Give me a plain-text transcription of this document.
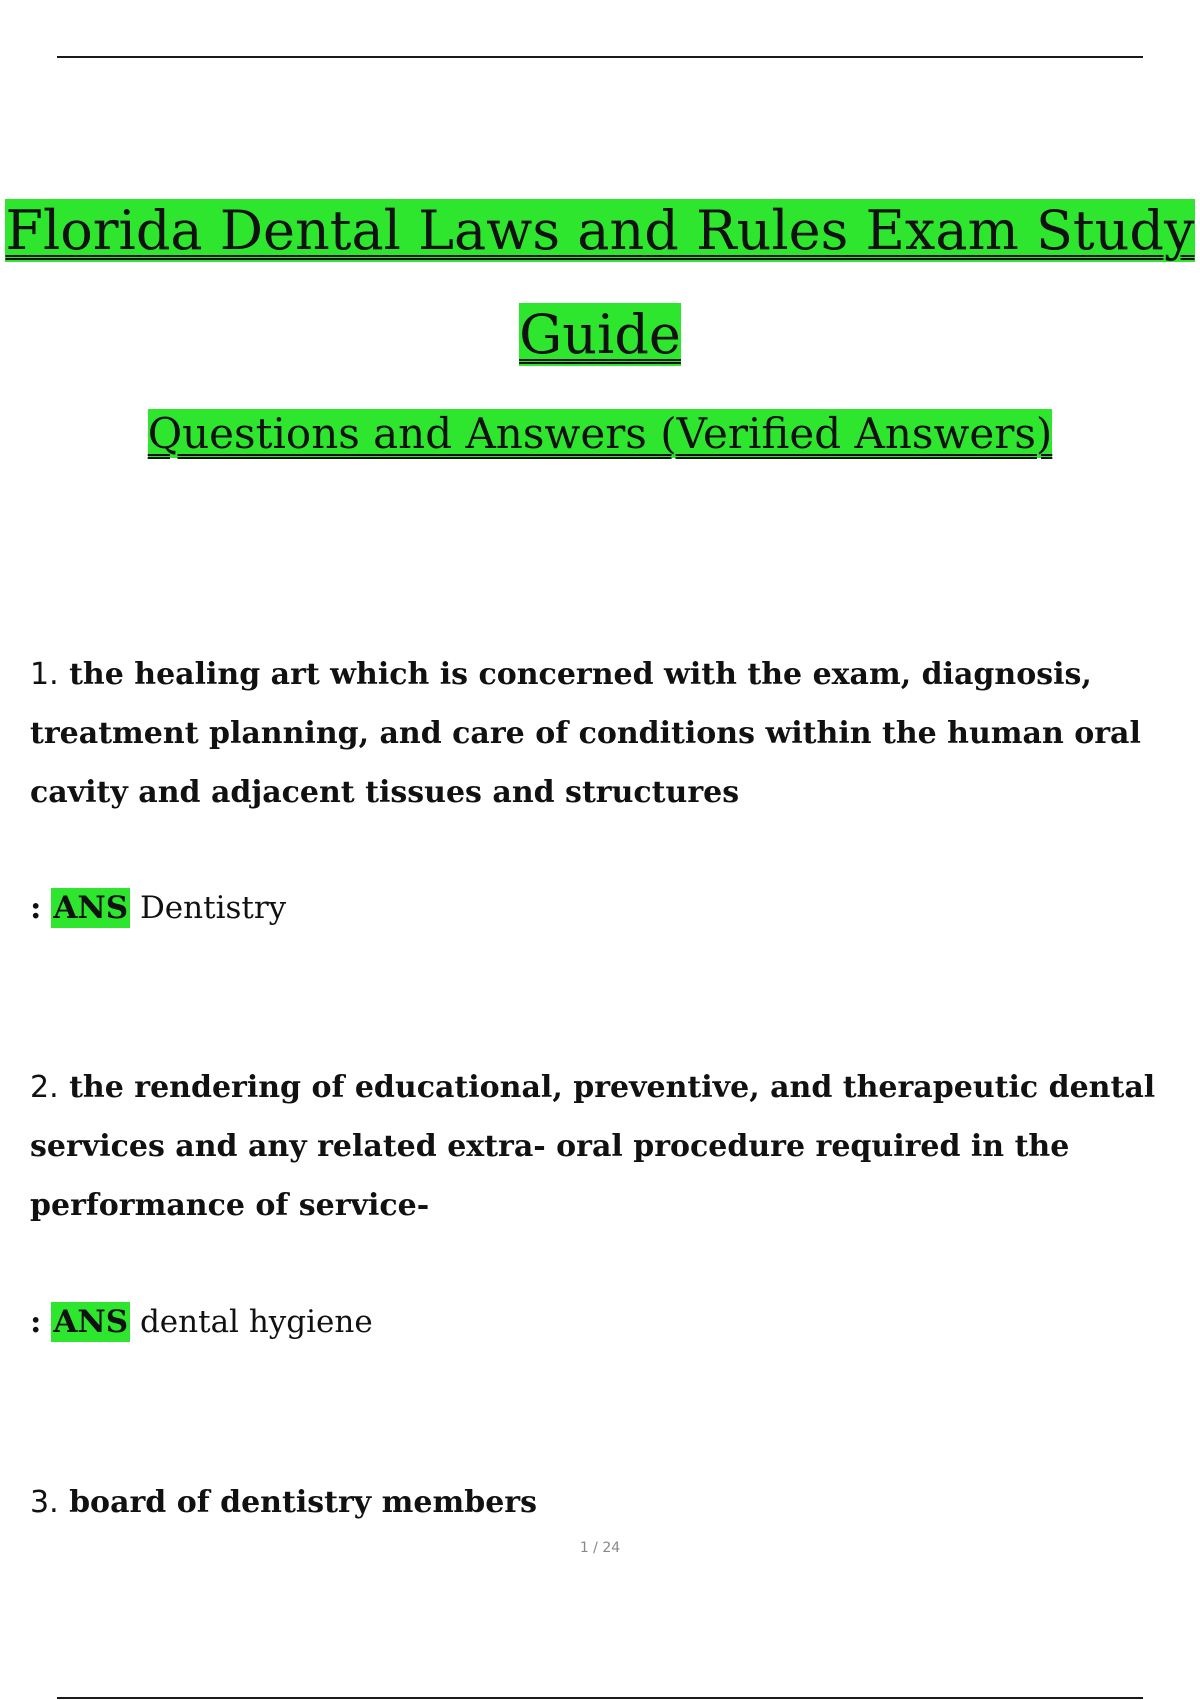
Florida Dental Laws and Rules Exam Study
Guide
Questions and Answers (Verified Answers)

1. the healing art which is concerned with the exam, diagnosis, treatment planning, and care of conditions within the human oral cavity and adjacent tissues and structures

: ANS Dentistry

2. the rendering of educational, preventive, and therapeutic dental services and any related extra- oral procedure required in the performance of service-

: ANS dental hygiene

3. board of dentistry members

1 / 24
